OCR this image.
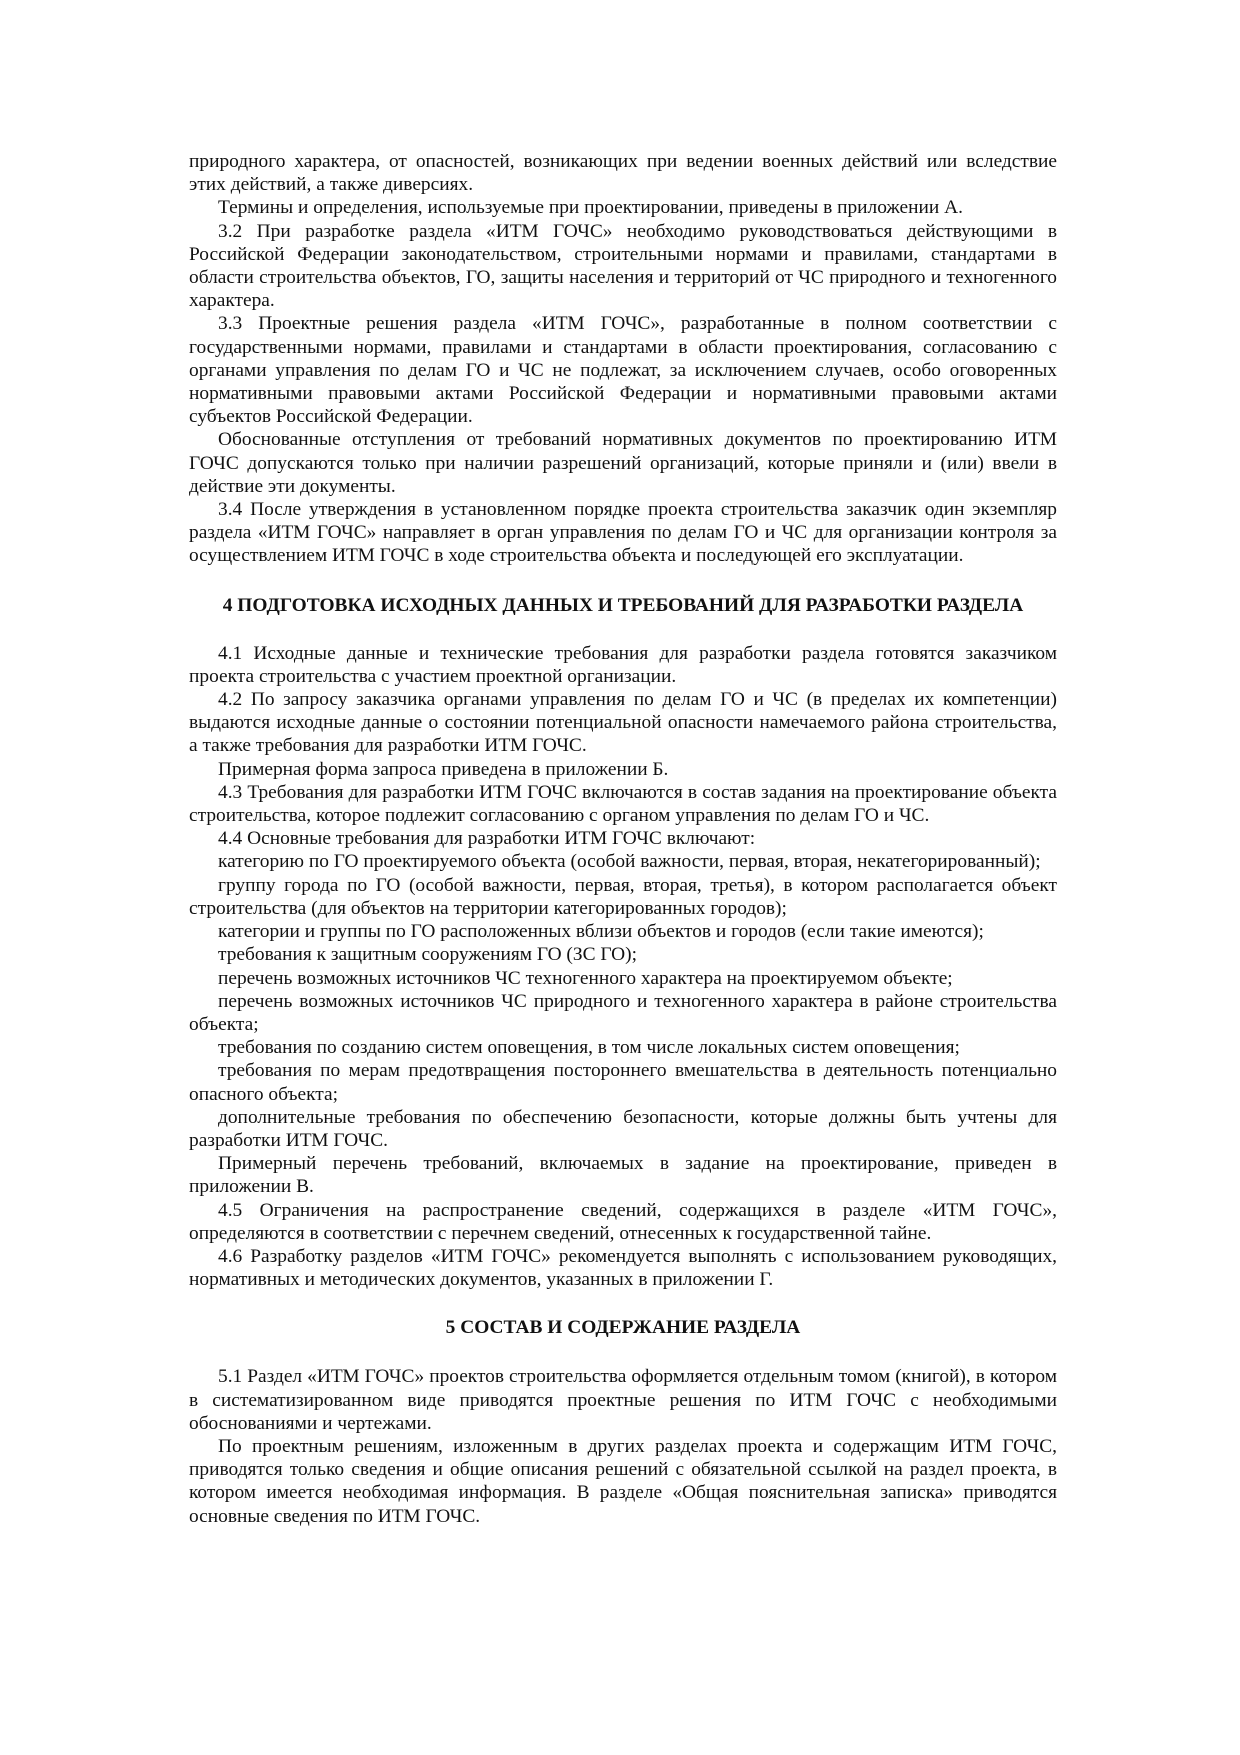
природного характера, от опасностей, возникающих при ведении военных действий или вследствие этих действий, а также диверсиях.

Термины и определения, используемые при проектировании, приведены в приложении А.

3.2 При разработке раздела «ИТМ ГОЧС» необходимо руководствоваться действующими в Российской Федерации законодательством, строительными нормами и правилами, стандартами в области строительства объектов, ГО, защиты населения и территорий от ЧС природного и техногенного характера.

3.3 Проектные решения раздела «ИТМ ГОЧС», разработанные в полном соответствии с государственными нормами, правилами и стандартами в области проектирования, согласованию с органами управления по делам ГО и ЧС не подлежат, за исключением случаев, особо оговоренных нормативными правовыми актами Российской Федерации и нормативными правовыми актами субъектов Российской Федерации.

Обоснованные отступления от требований нормативных документов по проектированию ИТМ ГОЧС допускаются только при наличии разрешений организаций, которые приняли и (или) ввели в действие эти документы.

3.4 После утверждения в установленном порядке проекта строительства заказчик один экземпляр раздела «ИТМ ГОЧС» направляет в орган управления по делам ГО и ЧС для организации контроля за осуществлением ИТМ ГОЧС в ходе строительства объекта и последующей его эксплуатации.

4 ПОДГОТОВКА ИСХОДНЫХ ДАННЫХ И ТРЕБОВАНИЙ ДЛЯ РАЗРАБОТКИ РАЗДЕЛА

4.1 Исходные данные и технические требования для разработки раздела готовятся заказчиком проекта строительства с участием проектной организации.

4.2 По запросу заказчика органами управления по делам ГО и ЧС (в пределах их компетенции) выдаются исходные данные о состоянии потенциальной опасности намечаемого района строительства, а также требования для разработки ИТМ ГОЧС.

Примерная форма запроса приведена в приложении Б.

4.3 Требования для разработки ИТМ ГОЧС включаются в состав задания на проектирование объекта строительства, которое подлежит согласованию с органом управления по делам ГО и ЧС.

4.4 Основные требования для разработки ИТМ ГОЧС включают:

категорию по ГО проектируемого объекта (особой важности, первая, вторая, некатегорированный);

группу города по ГО (особой важности, первая, вторая, третья), в котором располагается объект строительства (для объектов на территории категорированных городов);

категории и группы по ГО расположенных вблизи объектов и городов (если такие имеются);

требования к защитным сооружениям ГО (ЗС ГО);

перечень возможных источников ЧС техногенного характера на проектируемом объекте;

перечень возможных источников ЧС природного и техногенного характера в районе строительства объекта;

требования по созданию систем оповещения, в том числе локальных систем оповещения;

требования по мерам предотвращения постороннего вмешательства в деятельность потенциально опасного объекта;

дополнительные требования по обеспечению безопасности, которые должны быть учтены для разработки ИТМ ГОЧС.

Примерный перечень требований, включаемых в задание на проектирование, приведен в приложении В.

4.5 Ограничения на распространение сведений, содержащихся в разделе «ИТМ ГОЧС», определяются в соответствии с перечнем сведений, отнесенных к государственной тайне.

4.6 Разработку разделов «ИТМ ГОЧС» рекомендуется выполнять с использованием руководящих, нормативных и методических документов, указанных в приложении Г.

5 СОСТАВ И СОДЕРЖАНИЕ РАЗДЕЛА

5.1 Раздел «ИТМ ГОЧС» проектов строительства оформляется отдельным томом (книгой), в котором в систематизированном виде приводятся проектные решения по ИТМ ГОЧС с необходимыми обоснованиями и чертежами.

По проектным решениям, изложенным в других разделах проекта и содержащим ИТМ ГОЧС, приводятся только сведения и общие описания решений с обязательной ссылкой на раздел проекта, в котором имеется необходимая информация. В разделе «Общая пояснительная записка» приводятся основные сведения по ИТМ ГОЧС.
